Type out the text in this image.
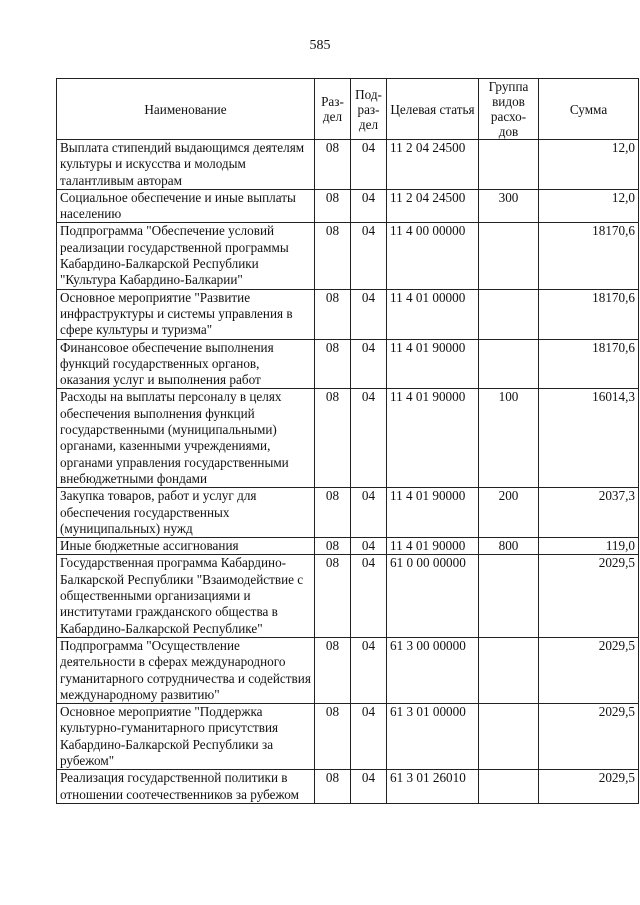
585
Наименование	Раз-дел	Под-раз-дел	Целевая статья	Группа видов расхо-дов	Сумма
Выплата стипендий выдающимся деятелям культуры и искусства и молодым талантливым авторам	08	04	11 2 04 24500		12,0
Социальное обеспечение и иные выплаты населению	08	04	11 2 04 24500	300	12,0
Подпрограмма "Обеспечение условий реализации государственной программы Кабардино-Балкарской Республики "Культура Кабардино-Балкарии"	08	04	11 4 00 00000		18170,6
Основное мероприятие "Развитие инфраструктуры и системы управления в сфере культуры и туризма"	08	04	11 4 01 00000		18170,6
Финансовое обеспечение выполнения функций государственных органов, оказания услуг и выполнения работ	08	04	11 4 01 90000		18170,6
Расходы на выплаты персоналу в целях обеспечения выполнения функций государственными (муниципальными) органами, казенными учреждениями, органами управления государственными внебюджетными фондами	08	04	11 4 01 90000	100	16014,3
Закупка товаров, работ и услуг для обеспечения государственных (муниципальных) нужд	08	04	11 4 01 90000	200	2037,3
Иные бюджетные ассигнования	08	04	11 4 01 90000	800	119,0
Государственная программа Кабардино-Балкарской Республики "Взаимодействие с общественными организациями и институтами гражданского общества в Кабардино-Балкарской Республике"	08	04	61 0 00 00000		2029,5
Подпрограмма "Осуществление деятельности в сферах международного гуманитарного сотрудничества и содействия международному развитию"	08	04	61 3 00 00000		2029,5
Основное мероприятие "Поддержка культурно-гуманитарного присутствия Кабардино-Балкарской Республики за рубежом"	08	04	61 3 01 00000		2029,5
Реализация государственной политики в отношении соотечественников за рубежом	08	04	61 3 01 26010		2029,5
